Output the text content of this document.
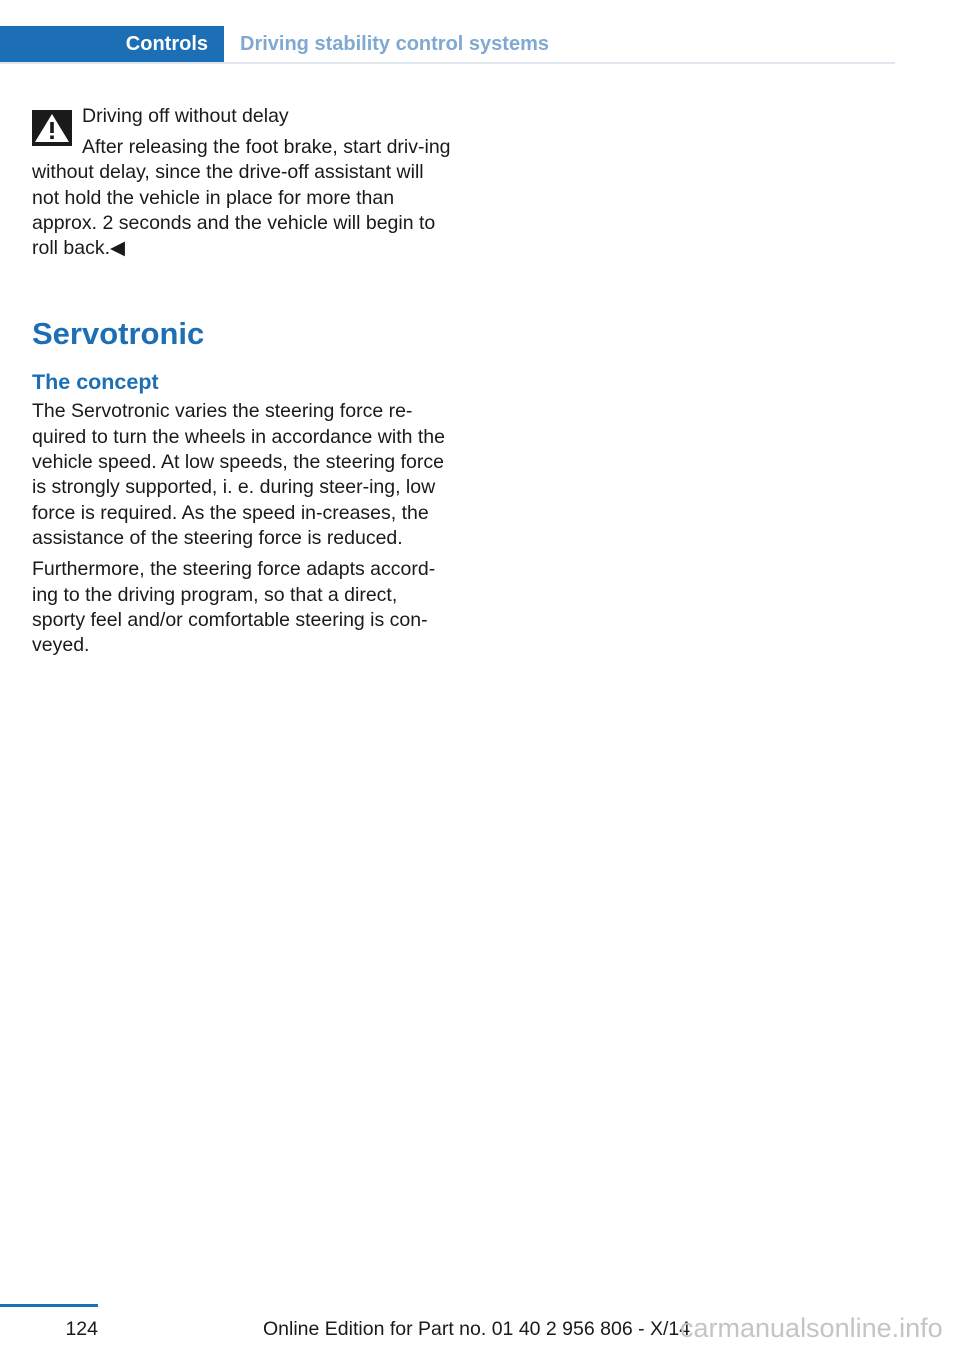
Controls	Driving stability control systems

Driving off without delay

After releasing the foot brake, start driv-ing without delay, since the drive-off assistant will not hold the vehicle in place for more than approx. 2 seconds and the vehicle will begin to roll back.◀

Servotronic
The concept

The Servotronic varies the steering force re-quired to turn the wheels in accordance with the vehicle speed. At low speeds, the steering force is strongly supported, i. e. during steer-ing, low force is required. As the speed in-creases, the assistance of the steering force is reduced.

Furthermore, the steering force adapts accord-ing to the driving program, so that a direct, sporty feel and/or comfortable steering is con-veyed.

124	Online Edition for Part no. 01 40 2 956 806 - X/14
carmanualsonline.info
